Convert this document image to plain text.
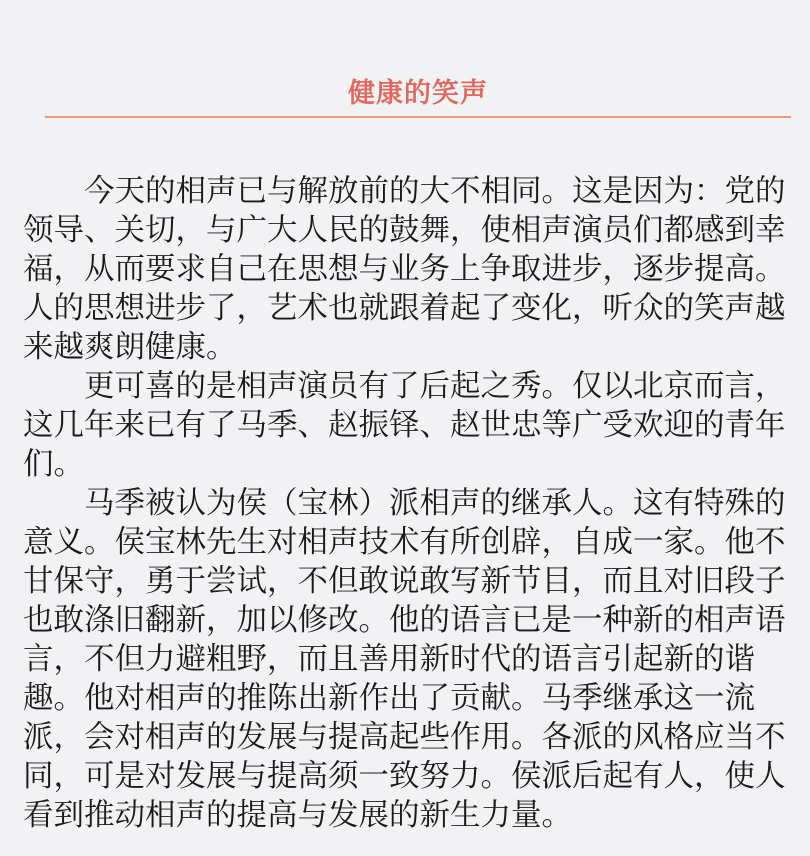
健康的笑声

今天的相声已与解放前的大不相同。这是因为：党的领导、关切，与广大人民的鼓舞，使相声演员们都感到幸福，从而要求自己在思想与业务上争取进步，逐步提高。人的思想进步了，艺术也就跟着起了变化，听众的笑声越来越爽朗健康。

更可喜的是相声演员有了后起之秀。仅以北京而言，这几年来已有了马季、赵振铎、赵世忠等广受欢迎的青年们。

马季被认为侯（宝林）派相声的继承人。这有特殊的意义。侯宝林先生对相声技术有所创辟，自成一家。他不甘保守，勇于尝试，不但敢说敢写新节目，而且对旧段子也敢涤旧翻新，加以修改。他的语言已是一种新的相声语言，不但力避粗野，而且善用新时代的语言引起新的谐趣。他对相声的推陈出新作出了贡献。马季继承这一流派，会对相声的发展与提高起些作用。各派的风格应当不同，可是对发展与提高须一致努力。侯派后起有人，使人看到推动相声的提高与发展的新生力量。
